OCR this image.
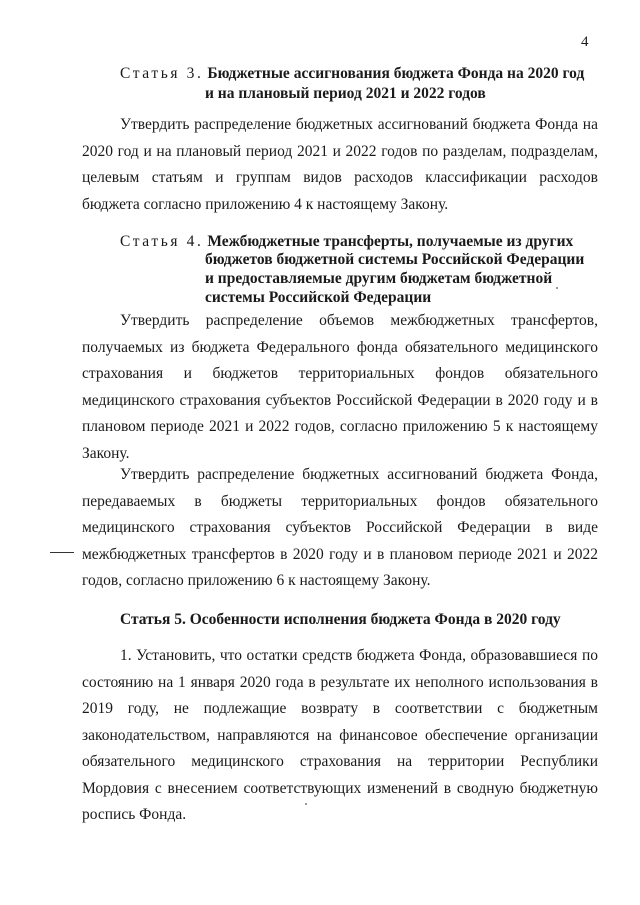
4
Статья 3. Бюджетные ассигнования бюджета Фонда на 2020 год
и на плановый период 2021 и 2022 годов
Утвердить распределение бюджетных ассигнований бюджета Фонда на 2020 год и на плановый период 2021 и 2022 годов по разделам, подразделам, целевым статьям и группам видов расходов классификации расходов бюджета согласно приложению 4 к настоящему Закону.
Статья 4. Межбюджетные трансферты, получаемые из других
бюджетов бюджетной системы Российской Федерации
и предоставляемые другим бюджетам бюджетной
системы Российской Федерации
Утвердить распределение объемов межбюджетных трансфертов, получаемых из бюджета Федерального фонда обязательного медицинского страхования и бюджетов территориальных фондов обязательного медицинского страхования субъектов Российской Федерации в 2020 году и в плановом периоде 2021 и 2022 годов, согласно приложению 5 к настоящему Закону.
Утвердить распределение бюджетных ассигнований бюджета Фонда, передаваемых в бюджеты территориальных фондов обязательного медицинского страхования субъектов Российской Федерации в виде межбюджетных трансфертов в 2020 году и в плановом периоде 2021 и 2022 годов, согласно приложению 6 к настоящему Закону.
Статья 5. Особенности исполнения бюджета Фонда в 2020 году
1. Установить, что остатки средств бюджета Фонда, образовавшиеся по состоянию на 1 января 2020 года в результате их неполного использования в 2019 году, не подлежащие возврату в соответствии с бюджетным законодательством, направляются на финансовое обеспечение организации обязательного медицинского страхования на территории Республики Мордовия с внесением соответствующих изменений в сводную бюджетную роспись Фонда.
